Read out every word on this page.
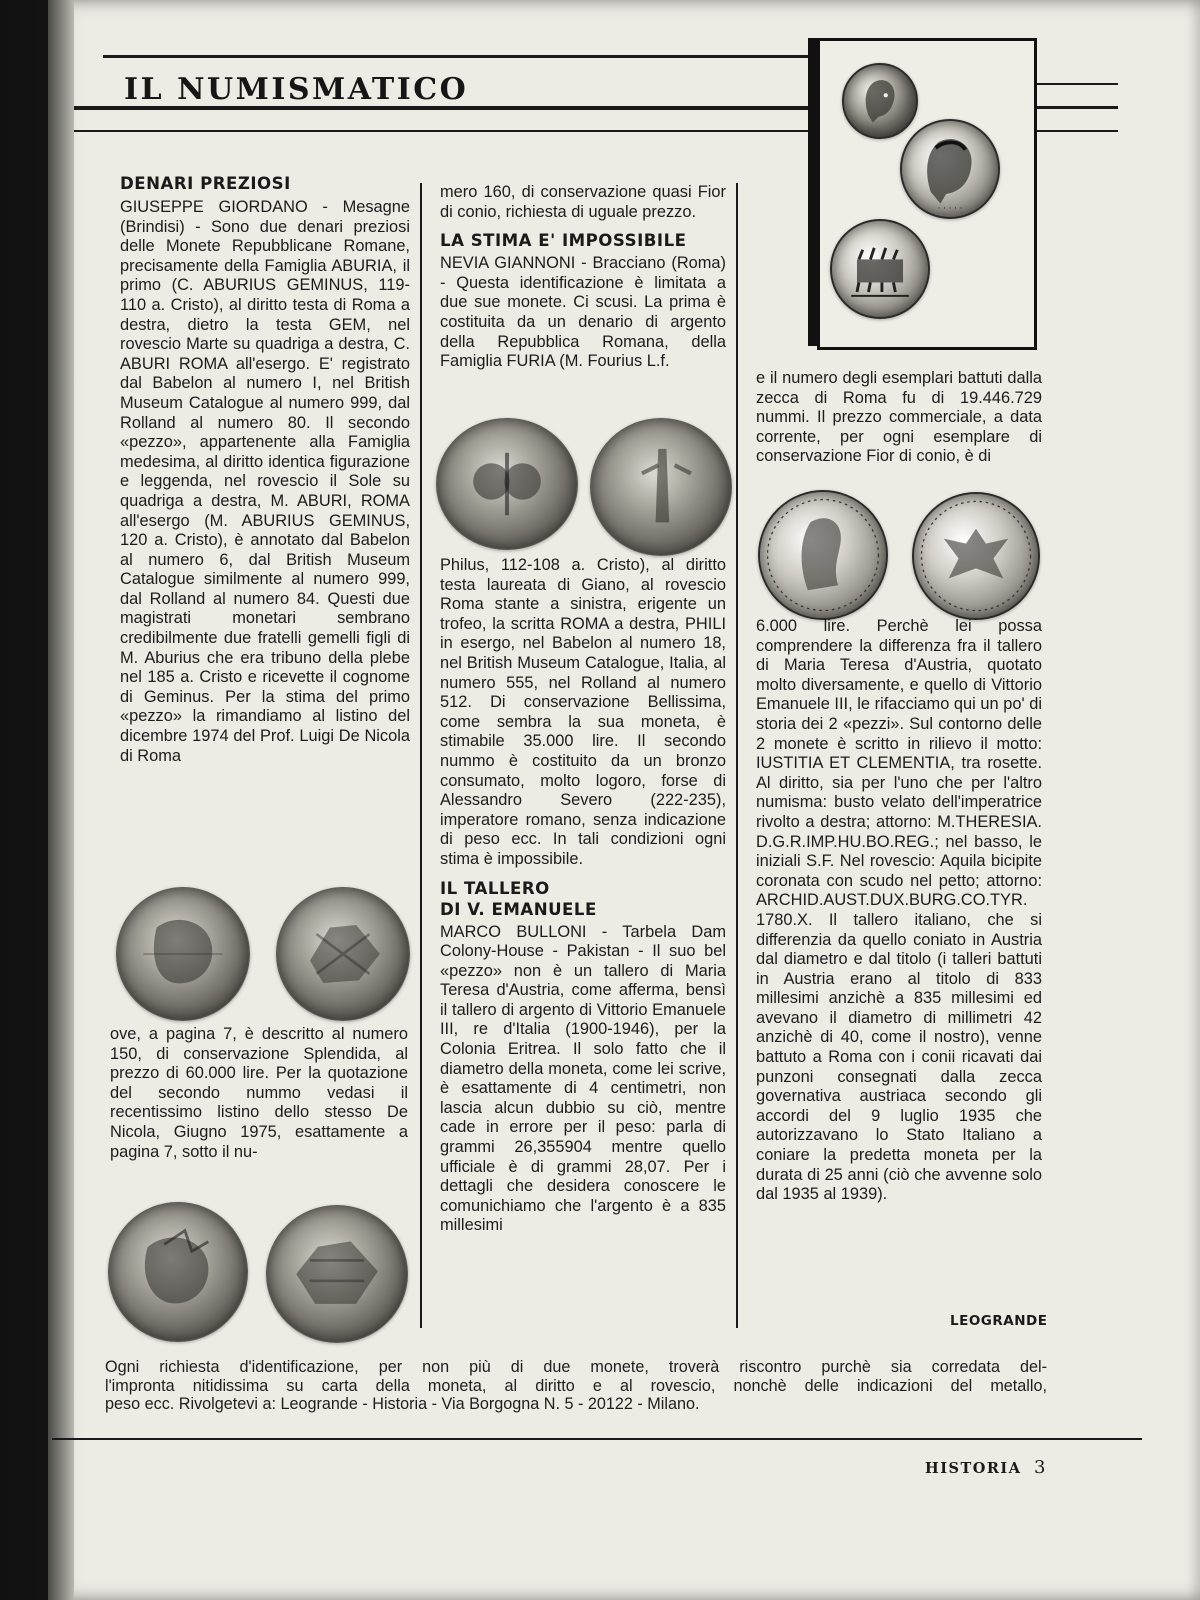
IL NUMISMATICO
· · · · ·

DENARI PREZIOSI

GIUSEPPE GIORDANO - Mesagne (Brindisi) - Sono due denari preziosi delle Monete Repubblicane Romane, precisamente della Famiglia ABURIA, il primo (C. ABURIUS GEMINUS, 119-110 a. Cristo), al diritto testa di Roma a destra, dietro la testa GEM, nel rovescio Marte su quadriga a destra, C. ABURI ROMA all'esergo. E' registrato dal Babelon al numero I, nel British Museum Catalogue al numero 999, dal Rolland al numero 80. Il secondo «pezzo», appartenente alla Famiglia medesima, al diritto identica figurazione e leggenda, nel rovescio il Sole su quadriga a destra, M. ABURI, ROMA all'esergo (M. ABURIUS GEMINUS, 120 a. Cristo), è annotato dal Babelon al numero 6, dal British Museum Catalogue similmente al numero 999, dal Rolland al numero 84. Questi due magistrati monetari sembrano credibilmente due fratelli gemelli figli di M. Aburius che era tribuno della plebe nel 185 a. Cristo e ricevette il cognome di Geminus. Per la stima del primo «pezzo» la rimandiamo al listino del dicembre 1974 del Prof. Luigi De Nicola di Roma

ove, a pagina 7, è descritto al numero 150, di conservazione Splendida, al prezzo di 60.000 lire. Per la quotazione del secondo nummo vedasi il recentissimo listino dello stesso De Nicola, Giugno 1975, esattamente a pagina 7, sotto il nu-

mero 160, di conservazione quasi Fior di conio, richiesta di uguale prezzo.

LA STIMA E' IMPOSSIBILE

NEVIA GIANNONI - Bracciano (Roma) - Questa identificazione è limitata a due sue monete. Ci scusi. La prima è costituita da un denario di argento della Repubblica Romana, della Famiglia FURIA (M. Fourius L.f.

Philus, 112-108 a. Cristo), al diritto testa laureata di Giano, al rovescio Roma stante a sinistra, erigente un trofeo, la scritta ROMA a destra, PHILI in esergo, nel Babelon al numero 18, nel British Museum Catalogue, Italia, al numero 555, nel Rolland al numero 512. Di conservazione Bellissima, come sembra la sua moneta, è stimabile 35.000 lire. Il secondo nummo è costituito da un bronzo consumato, molto logoro, forse di Alessandro Severo (222-235), imperatore romano, senza indicazione di peso ecc. In tali condizioni ogni stima è impossibile.

IL TALLERO

DI V. EMANUELE

MARCO BULLONI - Tarbela Dam Colony-House - Pakistan - Il suo bel «pezzo» non è un tallero di Maria Teresa d'Austria, come afferma, bensì il tallero di argento di Vittorio Emanuele III, re d'Italia (1900-1946), per la Colonia Eritrea. Il solo fatto che il diametro della moneta, come lei scrive, è esattamente di 4 centimetri, non lascia alcun dubbio su ciò, mentre cade in errore per il peso: parla di grammi 26,355904 mentre quello ufficiale è di grammi 28,07. Per i dettagli che desidera conoscere le comunichiamo che l'argento è a 835 millesimi

e il numero degli esemplari battuti dalla zecca di Roma fu di 19.446.729 nummi. Il prezzo commerciale, a data corrente, per ogni esemplare di conservazione Fior di conio, è di

6.000 lire. Perchè lei possa comprendere la differenza fra il tallero di Maria Teresa d'Austria, quotato molto diversamente, e quello di Vittorio Emanuele III, le rifacciamo qui un po' di storia dei 2 «pezzi». Sul contorno delle 2 monete è scritto in rilievo il motto: IUSTITIA ET CLEMENTIA, tra rosette. Al diritto, sia per l'uno che per l'altro numisma: busto velato dell'imperatrice rivolto a destra; attorno: M.THERESIA. D.G.R.IMP.HU.BO.REG.; nel basso, le iniziali S.F. Nel rovescio: Aquila bicipite coronata con scudo nel petto; attorno: ARCHID.AUST.DUX.BURG.CO.TYR. 1780.X. Il tallero italiano, che si differenzia da quello coniato in Austria dal diametro e dal titolo (i talleri battuti in Austria erano al titolo di 833 millesimi anzichè a 835 millesimi ed avevano il diametro di millimetri 42 anzichè di 40, come il nostro), venne battuto a Roma con i conii ricavati dai punzoni consegnati dalla zecca governativa austriaca secondo gli accordi del 9 luglio 1935 che autorizzavano lo Stato Italiano a coniare la predetta moneta per la durata di 25 anni (ciò che avvenne solo dal 1935 al 1939).

LEOGRANDE

Ogni richiesta d'identificazione, per non più di due monete, troverà riscontro purchè sia corredata del-

l'impronta nitidissima su carta della moneta, al diritto e al rovescio, nonchè delle indicazioni del metallo,

peso ecc. Rivolgetevi a: Leogrande - Historia - Via Borgogna N. 5 - 20122 - Milano.

HISTORIA 3
